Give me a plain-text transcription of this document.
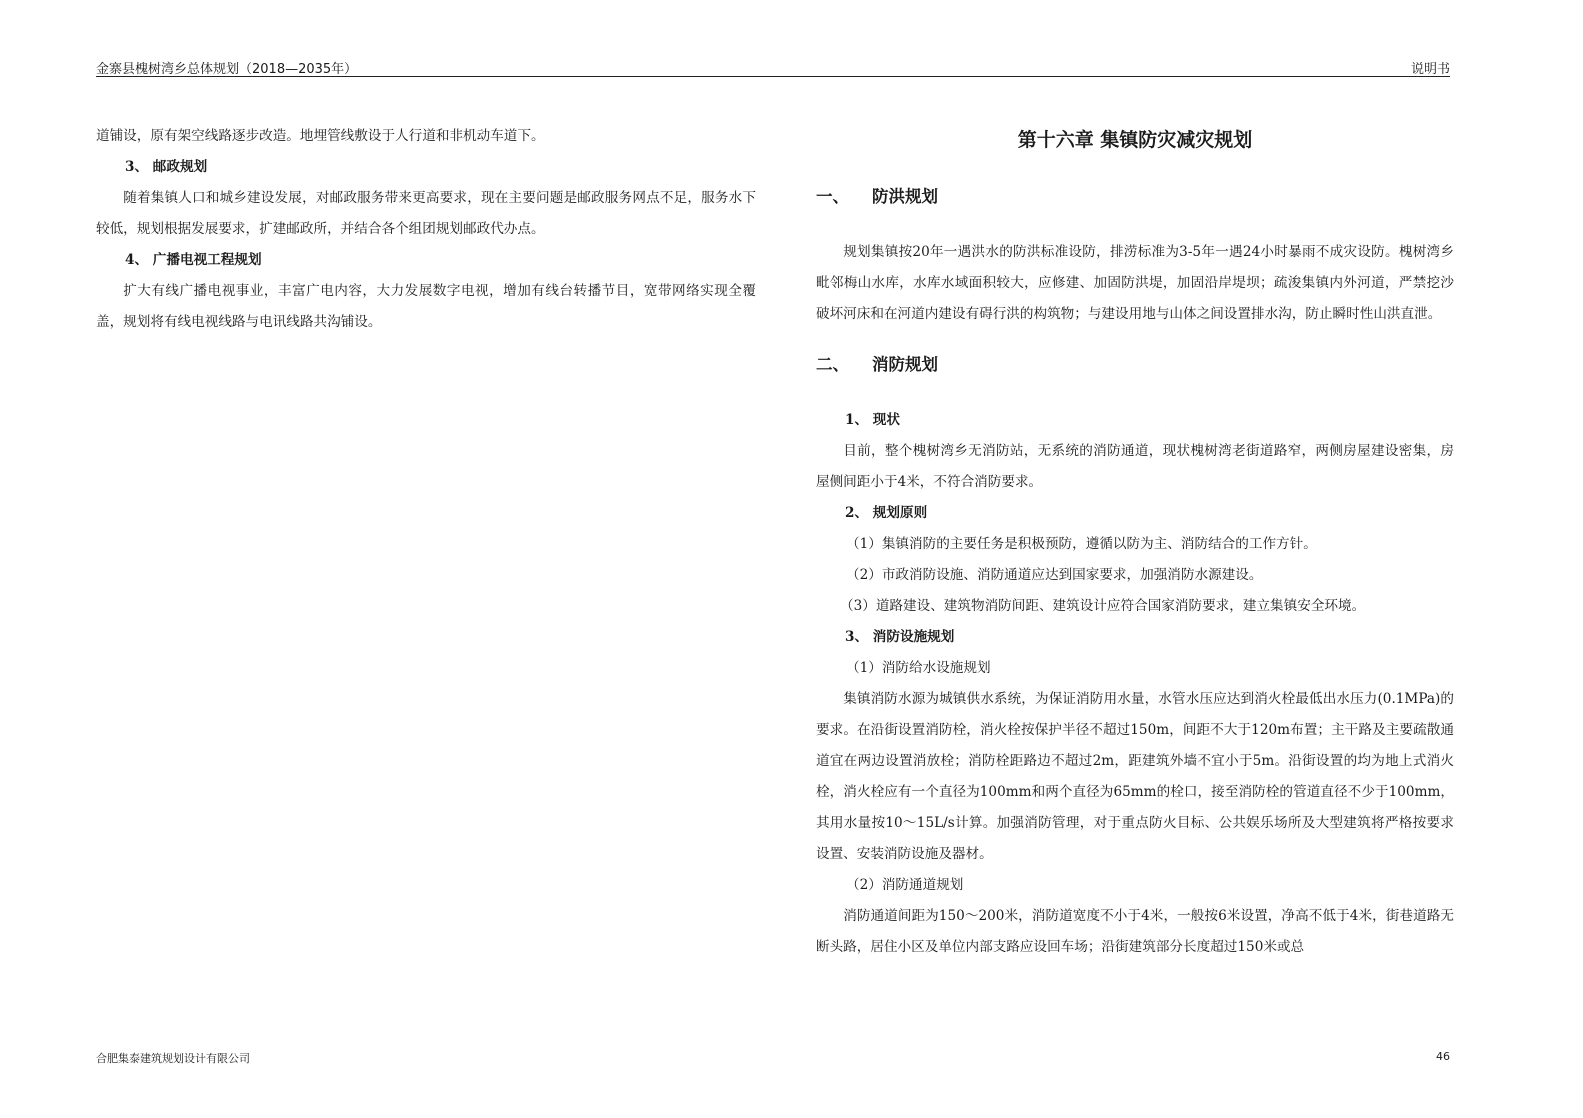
金寨县槐树湾乡总体规划（2018—2035年）	说明书

道铺设，原有架空线路逐步改造。地埋管线敷设于人行道和非机动车道下。

3、 邮政规划

随着集镇人口和城乡建设发展，对邮政服务带来更高要求，现在主要问题是邮政服务网点不足，服务水下较低，规划根据发展要求，扩建邮政所，并结合各个组团规划邮政代办点。

4、 广播电视工程规划

扩大有线广播电视事业，丰富广电内容，大力发展数字电视，增加有线台转播节目，宽带网络实现全覆盖，规划将有线电视线路与电讯线路共沟铺设。

第十六章 集镇防灾减灾规划
一、 防洪规划

规划集镇按20年一遇洪水的防洪标准设防，排涝标准为3-5年一遇24小时暴雨不成灾设防。槐树湾乡毗邻梅山水库，水库水域面积较大，应修建、加固防洪堤，加固沿岸堤坝；疏浚集镇内外河道，严禁挖沙破坏河床和在河道内建设有碍行洪的构筑物；与建设用地与山体之间设置排水沟，防止瞬时性山洪直泄。

二、 消防规划

1、 现状

目前，整个槐树湾乡无消防站，无系统的消防通道，现状槐树湾老街道路窄，两侧房屋建设密集，房屋侧间距小于4米，不符合消防要求。

2、 规划原则

（1）集镇消防的主要任务是积极预防，遵循以防为主、消防结合的工作方针。

（2）市政消防设施、消防通道应达到国家要求，加强消防水源建设。

（3）道路建设、建筑物消防间距、建筑设计应符合国家消防要求，建立集镇安全环境。

3、 消防设施规划

（1）消防给水设施规划

集镇消防水源为城镇供水系统，为保证消防用水量，水管水压应达到消火栓最低出水压力(0.1MPa)的要求。在沿街设置消防栓，消火栓按保护半径不超过150m，间距不大于120m布置；主干路及主要疏散通道宜在两边设置消放栓；消防栓距路边不超过2m，距建筑外墙不宜小于5m。沿街设置的均为地上式消火栓，消火栓应有一个直径为100mm和两个直径为65mm的栓口，接至消防栓的管道直径不少于100mm，其用水量按10～15L/s计算。加强消防管理，对于重点防火目标、公共娱乐场所及大型建筑将严格按要求设置、安装消防设施及器材。

（2）消防通道规划

消防通道间距为150～200米，消防道宽度不小于4米，一般按6米设置，净高不低于4米，街巷道路无断头路，居住小区及单位内部支路应设回车场；沿街建筑部分长度超过150米或总

合肥集泰建筑规划设计有限公司	46
